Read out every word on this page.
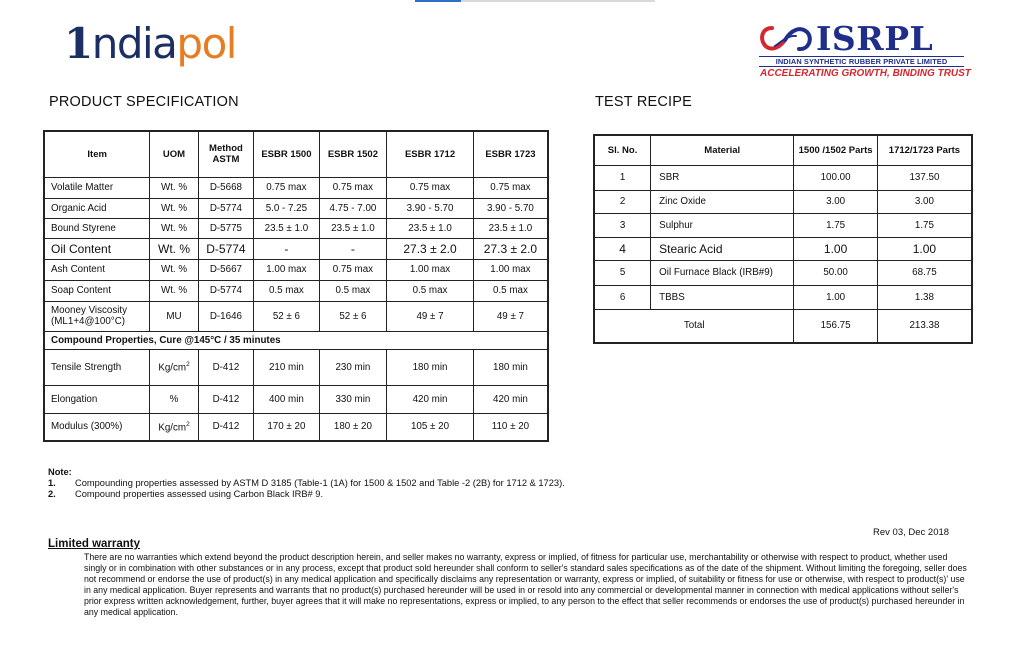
1ndiapol	ISRPL
INDIAN SYNTHETIC RUBBER PRIVATE LIMITED
ACCELERATING GROWTH, BINDING TRUST
PRODUCT SPECIFICATION	TEST RECIPE
Item	UOM	Method ASTM	ESBR 1500	ESBR 1502	ESBR 1712	ESBR 1723
Volatile Matter	Wt. %	D-5668	0.75 max	0.75 max	0.75 max	0.75 max
Organic Acid	Wt. %	D-5774	5.0 - 7.25	4.75 - 7.00	3.90 - 5.70	3.90 - 5.70
Bound Styrene	Wt. %	D-5775	23.5 ± 1.0	23.5 ± 1.0	23.5 ± 1.0	23.5 ± 1.0
Oil Content	Wt. %	D-5774	-	-	27.3 ± 2.0	27.3 ± 2.0
Ash Content	Wt. %	D-5667	1.00 max	0.75 max	1.00 max	1.00 max
Soap Content	Wt. %	D-5774	0.5 max	0.5 max	0.5 max	0.5 max
Mooney Viscosity (ML1+4@100°C)	MU	D-1646	52 ± 6	52 ± 6	49 ± 7	49 ± 7
Compound Properties, Cure @145°C / 35 minutes						
Tensile Strength	$Kg/cm^2$	D-412	210 min	230 min	180 min	180 min
Elongation	%	D-412	400 min	330 min	420 min	420 min
Modulus (300%)	$Kg/cm^2$	D-412	170 ± 20	180 ± 20	105 ± 20	110 ± 20
Sl. No.	Material	1500 /1502 Parts	1712/1723 Parts
1	SBR	100.00	137.50
2	Zinc Oxide	3.00	3.00
3	Sulphur	1.75	1.75
4	Stearic Acid	1.00	1.00
5	Oil Furnace Black (IRB#9)	50.00	68.75
6	TBBS	1.00	1.38
Total		156.75	213.38
Note:
1.	Compounding properties assessed by ASTM D 3185 (Table-1 (1A) for 1500 & 1502 and Table -2 (2B) for 1712 & 1723).
2.	Compound properties assessed using Carbon Black IRB# 9.
Rev 03, Dec 2018
Limited warranty
There are no warranties which extend beyond the product description herein, and seller makes no warranty, express or implied, of fitness for particular use, merchantability or otherwise with respect to product, whether used singly or in combination with other substances or in any process, except that product sold hereunder shall conform to seller's standard sales specifications as of the date of the shipment. Without limiting the foregoing, seller does not recommend or endorse the use of product(s) in any medical application and specifically disclaims any representation or warranty, express or implied, of suitability or fitness for use or otherwise, with respect to product(s)' use in any medical application. Buyer represents and warrants that no product(s) purchased hereunder will be used in or resold into any commercial or developmental manner in connection with medical applications without seller's prior express written acknowledgement, further, buyer agrees that it will make no representations, express or implied, to any person to the effect that seller recommends or endorses the use of product(s) purchased hereunder in any medical application.
